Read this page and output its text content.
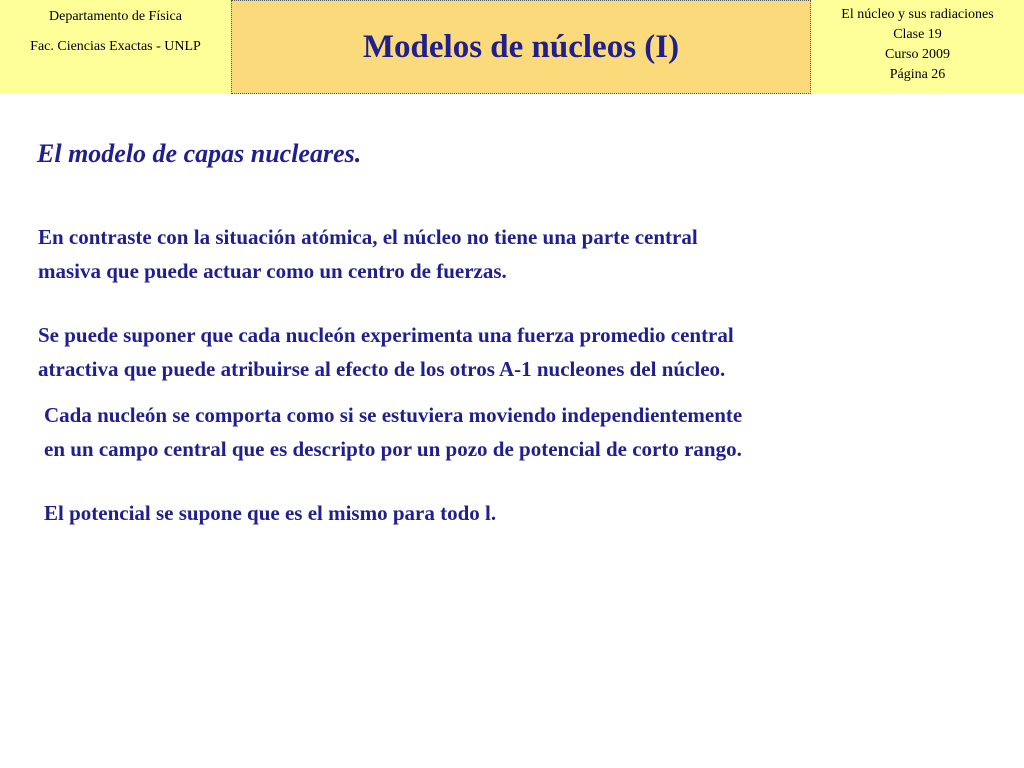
Departamento de Física
Fac. Ciencias Exactas - UNLP	Modelos de núcleos (I)
El núcleo y sus radiaciones
Clase 19
Curso 2009
Página 26
El modelo de capas nucleares.
En contraste con la situación atómica, el núcleo no tiene una parte central
masiva que puede actuar como un centro de fuerzas.
Se puede suponer que cada nucleón experimenta una fuerza promedio central
atractiva que puede atribuirse al efecto de los otros A-1 nucleones del núcleo.
Cada nucleón se comporta como si se estuviera moviendo independientemente
en un campo central que es descripto por un pozo de potencial de corto rango.
El potencial se supone que es el mismo para todo l.
